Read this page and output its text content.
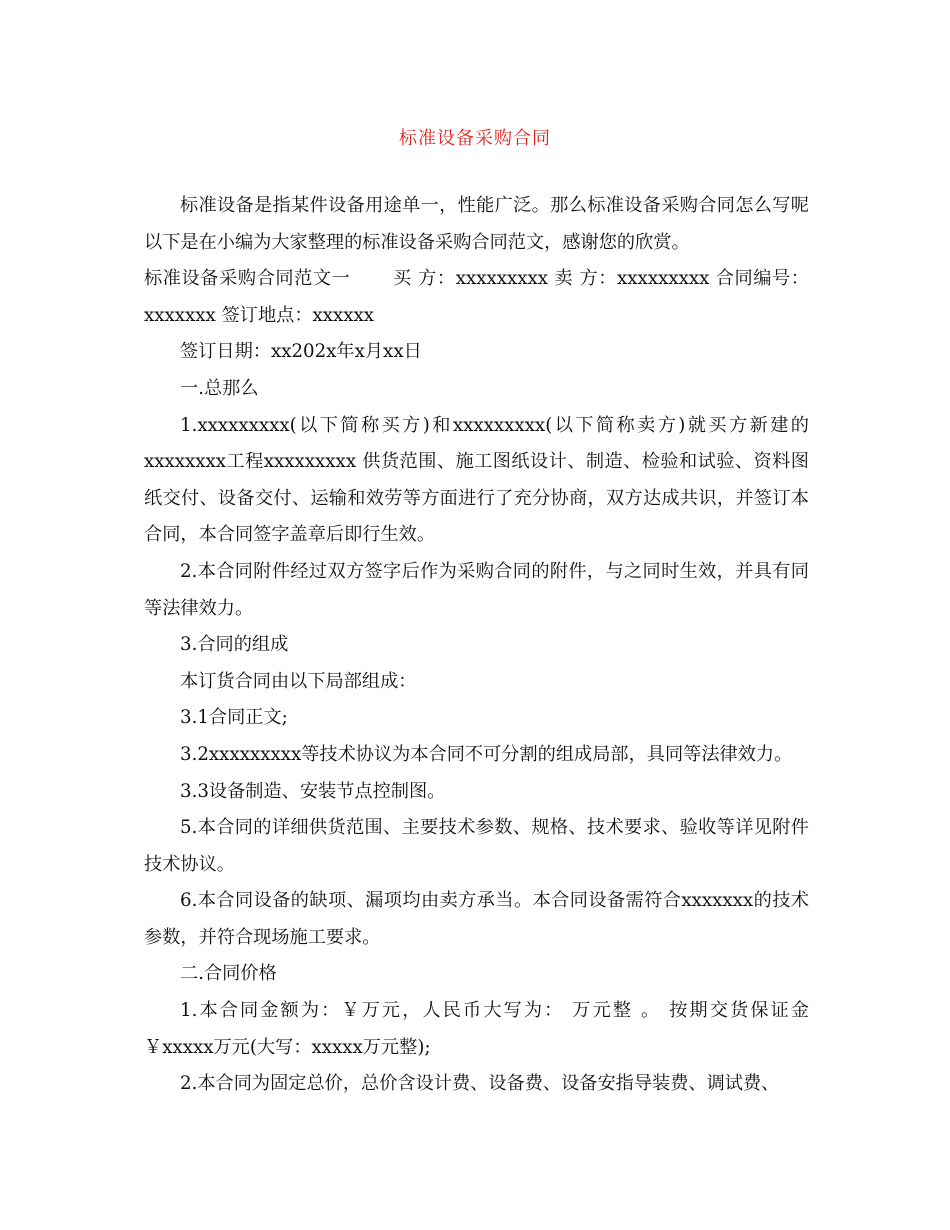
标准设备采购合同

标准设备是指某件设备用途单一，性能广泛。那么标准设备采购合同怎么写呢以下是在小编为大家整理的标准设备采购合同范文，感谢您的欣赏。

标准设备采购合同范文一 买 方：xxxxxxxxx 卖 方：xxxxxxxxx 合同编号：xxxxxxx 签订地点：xxxxxx

签订日期：xx202x年x月xx日

一.总那么

1.xxxxxxxxx(以下简称买方)和xxxxxxxxx(以下简称卖方)就买方新建的xxxxxxxx工程xxxxxxxxx 供货范围、施工图纸设计、制造、检验和试验、资料图纸交付、设备交付、运输和效劳等方面进行了充分协商，双方达成共识，并签订本合同，本合同签字盖章后即行生效。

2.本合同附件经过双方签字后作为采购合同的附件，与之同时生效，并具有同等法律效力。

3.合同的组成

本订货合同由以下局部组成：

3.1合同正文;

3.2xxxxxxxxx等技术协议为本合同不可分割的组成局部，具同等法律效力。

3.3设备制造、安装节点控制图。

5.本合同的详细供货范围、主要技术参数、规格、技术要求、验收等详见附件技术协议。

6.本合同设备的缺项、漏项均由卖方承当。本合同设备需符合xxxxxxx的技术参数，并符合现场施工要求。

二.合同价格

1.本合同金额为：￥万元，人民币大写为： 万元整 。 按期交货保证金￥xxxxx万元(大写：xxxxx万元整);

2.本合同为固定总价，总价含设计费、设备费、设备安指导装费、调试费、
